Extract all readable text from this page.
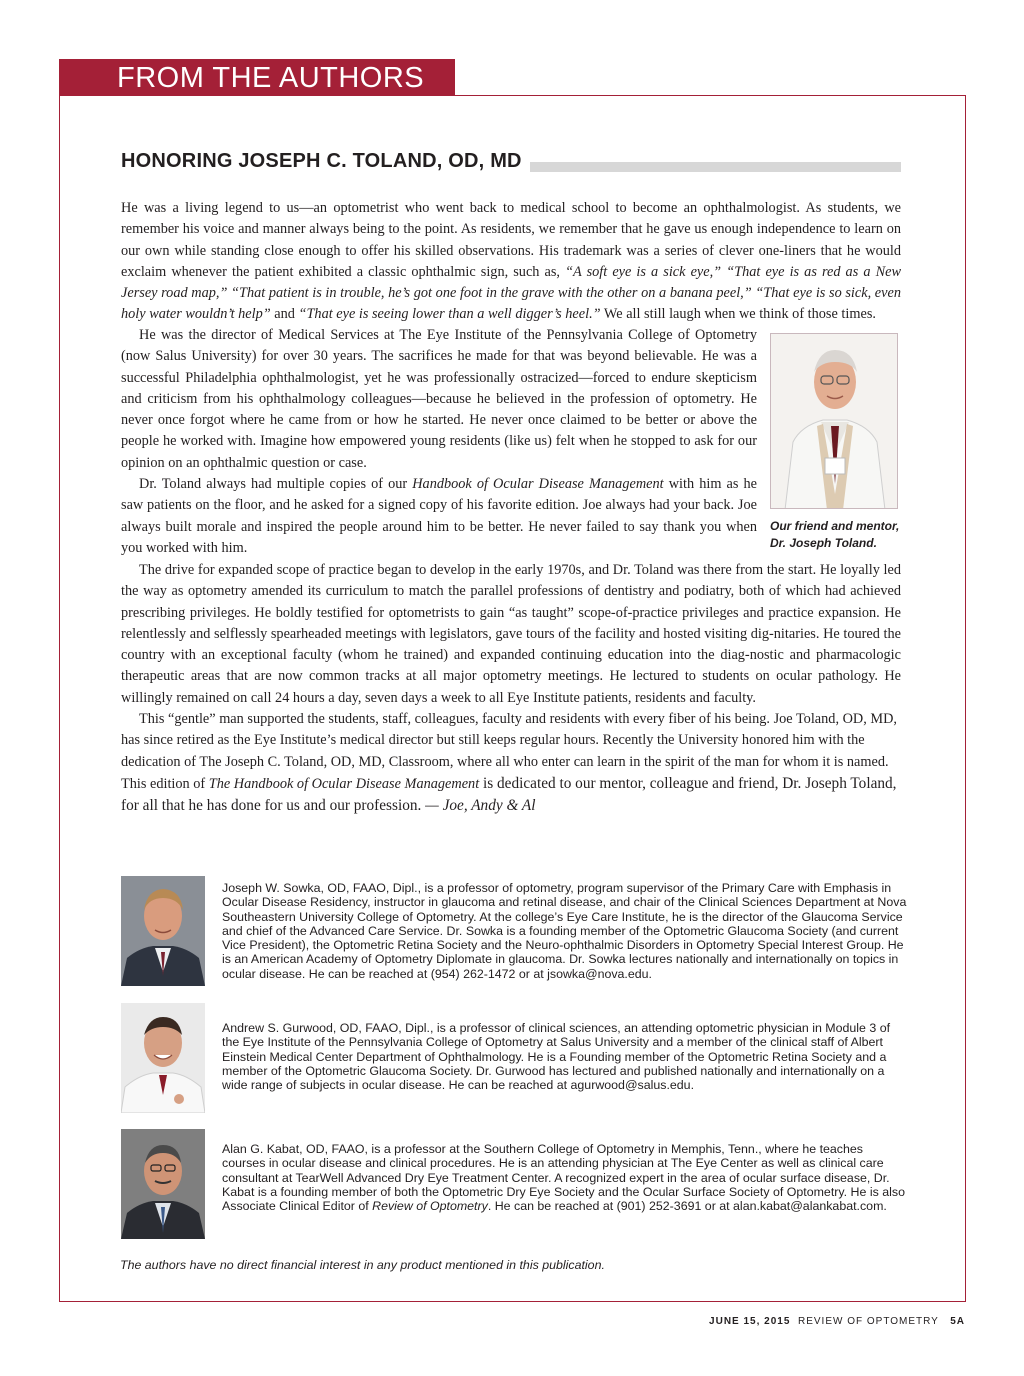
FROM THE AUTHORS
HONORING JOSEPH C. TOLAND, OD, MD

He was a living legend to us—an optometrist who went back to medical school to become an ophthalmologist. As students, we remember his voice and manner always being to the point. As residents, we remember that he gave us enough independence to learn on our own while standing close enough to offer his skilled observations. His trademark was a series of clever one-liners that he would exclaim whenever the patient exhibited a classic ophthalmic sign, such as, “A soft eye is a sick eye,” “That eye is as red as a New Jersey road map,” “That patient is in trouble, he’s got one foot in the grave with the other on a banana peel,” “That eye is so sick, even holy water wouldn’t help” and “That eye is seeing lower than a well digger’s heel.” We all still laugh when we think of those times.

He was the director of Medical Services at The Eye Institute of the Pennsylvania College of Optometry (now Salus University) for over 30 years. The sacrifices he made for that was beyond believable. He was a successful Philadelphia ophthalmologist, yet he was professionally ostracized—forced to endure skepticism and criticism from his ophthalmology colleagues—because he believed in the profession of optometry. He never once forgot where he came from or how he started. He never once claimed to be better or above the people he worked with. Imagine how empowered young residents (like us) felt when he stopped to ask for our opinion on an ophthalmic question or case.

Dr. Toland always had multiple copies of our Handbook of Ocular Disease Management with him as he saw patients on the floor, and he asked for a signed copy of his favorite edition. Joe always had your back. Joe always built morale and inspired the people around him to be better. He never failed to say thank you when you worked with him.

Our friend and mentor, Dr. Joseph Toland.

The drive for expanded scope of practice began to develop in the early 1970s, and Dr. Toland was there from the start. He loyally led the way as optometry amended its curriculum to match the parallel professions of dentistry and podiatry, both of which had achieved prescribing privileges. He boldly testified for optometrists to gain “as taught” scope-of-practice privileges and practice expansion. He relentlessly and selflessly spearheaded meetings with legislators, gave tours of the facility and hosted visiting dig-nitaries. He toured the country with an exceptional faculty (whom he trained) and expanded continuing education into the diag-nostic and pharmacologic therapeutic areas that are now common tracks at all major optometry meetings. He lectured to students on ocular pathology. He willingly remained on call 24 hours a day, seven days a week to all Eye Institute patients, residents and faculty.

This “gentle” man supported the students, staff, colleagues, faculty and residents with every fiber of his being. Joe Toland, OD, MD, has since retired as the Eye Institute’s medical director but still keeps regular hours. Recently the University honored him with the dedication of The Joseph C. Toland, OD, MD, Classroom, where all who enter can learn in the spirit of the man for whom it is named. This edition of The Handbook of Ocular Disease Management is dedicated to our mentor, colleague and friend, Dr. Joseph Toland, for all that he has done for us and our profession. — Joe, Andy & Al

Joseph W. Sowka, OD, FAAO, Dipl., is a professor of optometry, program supervisor of the Primary Care with Emphasis in Ocular Disease Residency, instructor in glaucoma and retinal disease, and chair of the Clinical Sciences Department at Nova Southeastern University College of Optometry. At the college’s Eye Care Institute, he is the director of the Glaucoma Service and chief of the Advanced Care Service. Dr. Sowka is a founding member of the Optometric Glaucoma Society (and current Vice President), the Optometric Retina Society and the Neuro-ophthalmic Disorders in Optometry Special Interest Group. He is an American Academy of Optometry Diplomate in glaucoma. Dr. Sowka lectures nationally and internationally on topics in ocular disease. He can be reached at (954) 262-1472 or at jsowka@nova.edu.
Andrew S. Gurwood, OD, FAAO, Dipl., is a professor of clinical sciences, an attending optometric physician in Module 3 of the Eye Institute of the Pennsylvania College of Optometry at Salus University and a member of the clinical staff of Albert Einstein Medical Center Department of Ophthalmology. He is a Founding member of the Optometric Retina Society and a member of the Optometric Glaucoma Society. Dr. Gurwood has lectured and published nationally and internationally on a wide range of subjects in ocular disease. He can be reached at agurwood@salus.edu.
Alan G. Kabat, OD, FAAO, is a professor at the Southern College of Optometry in Memphis, Tenn., where he teaches courses in ocular disease and clinical procedures. He is an attending physician at The Eye Center as well as clinical care consultant at TearWell Advanced Dry Eye Treatment Center. A recognized expert in the area of ocular surface disease, Dr. Kabat is a founding member of both the Optometric Dry Eye Society and the Ocular Surface Society of Optometry. He is also Associate Clinical Editor of Review of Optometry. He can be reached at (901) 252-3691 or at alan.kabat@alankabat.com.
The authors have no direct financial interest in any product mentioned in this publication.
JUNE 15, 2015 REVIEW OF OPTOMETRY 5A
